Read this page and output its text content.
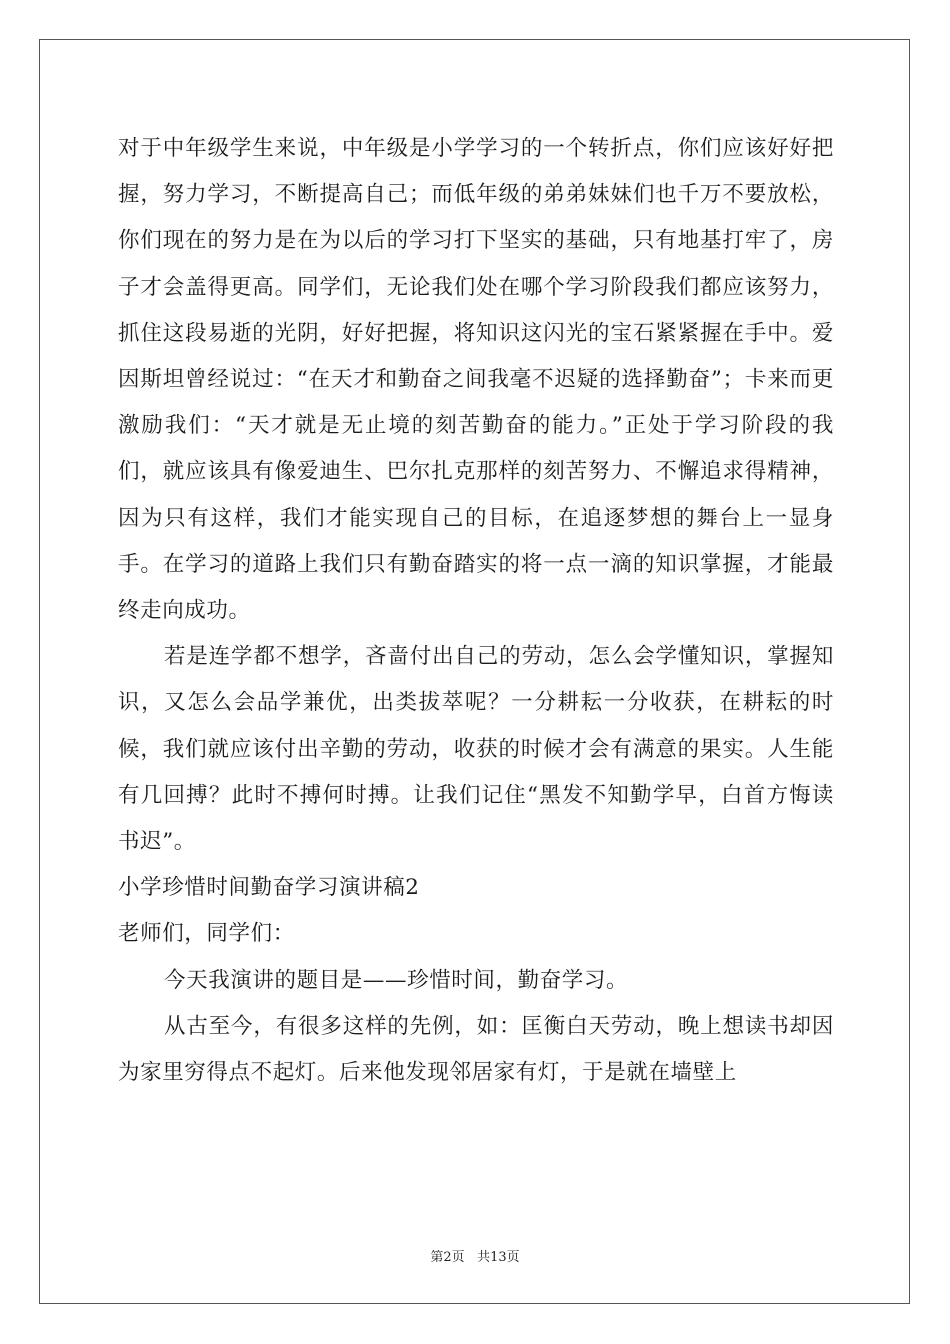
对于中年级学生来说，中年级是小学学习的一个转折点，你们应该好好把握，努力学习，不断提高自己；而低年级的弟弟妹妹们也千万不要放松，你们现在的努力是在为以后的学习打下坚实的基础，只有地基打牢了，房子才会盖得更高。同学们，无论我们处在哪个学习阶段我们都应该努力，抓住这段易逝的光阴，好好把握，将知识这闪光的宝石紧紧握在手中。爱因斯坦曾经说过：“在天才和勤奋之间我毫不迟疑的选择勤奋”；卡来而更激励我们：“天才就是无止境的刻苦勤奋的能力。”正处于学习阶段的我们，就应该具有像爱迪生、巴尔扎克那样的刻苦努力、不懈追求得精神，因为只有这样，我们才能实现自己的目标，在追逐梦想的舞台上一显身手。在学习的道路上我们只有勤奋踏实的将一点一滴的知识掌握，才能最终走向成功。

若是连学都不想学，吝啬付出自己的劳动，怎么会学懂知识，掌握知识，又怎么会品学兼优，出类拔萃呢？一分耕耘一分收获，在耕耘的时候，我们就应该付出辛勤的劳动，收获的时候才会有满意的果实。人生能有几回搏？此时不搏何时搏。让我们记住“黑发不知勤学早，白首方悔读书迟”。

小学珍惜时间勤奋学习演讲稿2

老师们，同学们：

今天我演讲的题目是——珍惜时间，勤奋学习。

从古至今，有很多这样的先例，如：匡衡白天劳动，晚上想读书却因为家里穷得点不起灯。后来他发现邻居家有灯，于是就在墙壁上

第2页 共13页
